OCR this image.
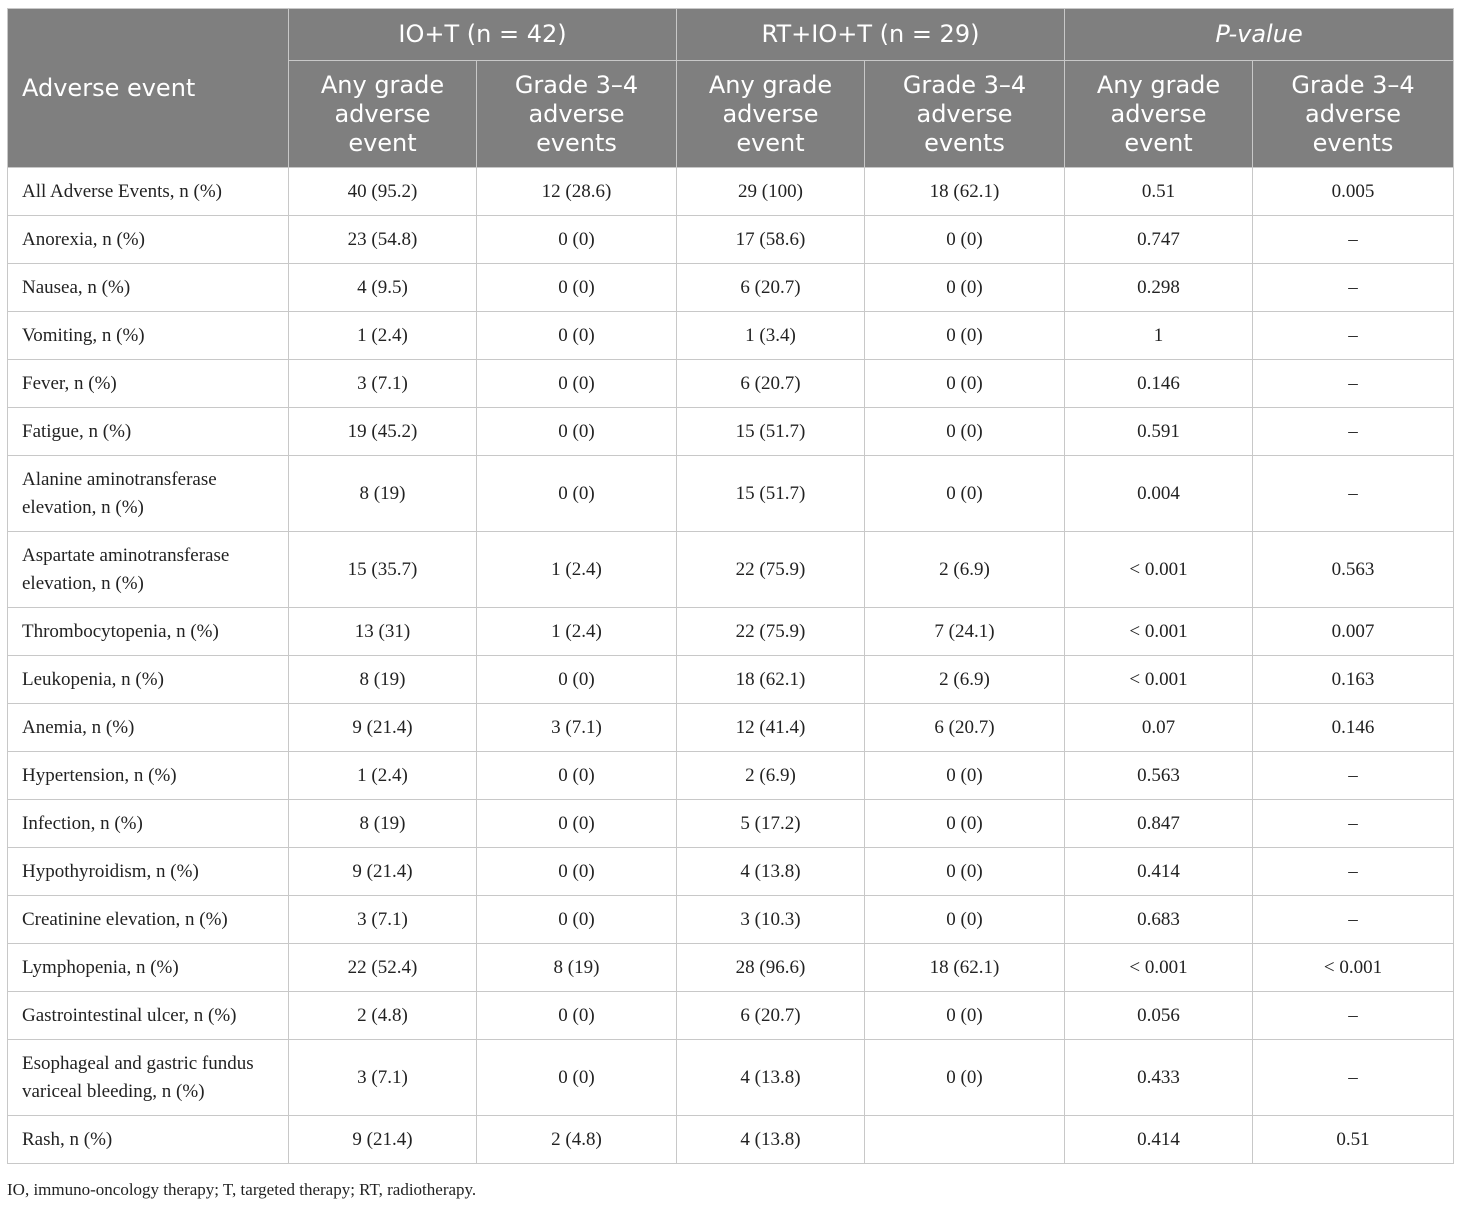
Adverse event	IO+T (n = 42)		RT+IO+T (n = 29)		P-value	
	Any grade adverse event	Grade 3–4 adverse events	Any grade adverse event	Grade 3–4 adverse events	Any grade adverse event	Grade 3–4 adverse events
All Adverse Events, n (%)	40 (95.2)	12 (28.6)	29 (100)	18 (62.1)	0.51	0.005
Anorexia, n (%)	23 (54.8)	0 (0)	17 (58.6)	0 (0)	0.747	–
Nausea, n (%)	4 (9.5)	0 (0)	6 (20.7)	0 (0)	0.298	–
Vomiting, n (%)	1 (2.4)	0 (0)	1 (3.4)	0 (0)	1	–
Fever, n (%)	3 (7.1)	0 (0)	6 (20.7)	0 (0)	0.146	–
Fatigue, n (%)	19 (45.2)	0 (0)	15 (51.7)	0 (0)	0.591	–
Alanine aminotransferase elevation, n (%)	8 (19)	0 (0)	15 (51.7)	0 (0)	0.004	–
Aspartate aminotransferase elevation, n (%)	15 (35.7)	1 (2.4)	22 (75.9)	2 (6.9)	< 0.001	0.563
Thrombocytopenia, n (%)	13 (31)	1 (2.4)	22 (75.9)	7 (24.1)	< 0.001	0.007
Leukopenia, n (%)	8 (19)	0 (0)	18 (62.1)	2 (6.9)	< 0.001	0.163
Anemia, n (%)	9 (21.4)	3 (7.1)	12 (41.4)	6 (20.7)	0.07	0.146
Hypertension, n (%)	1 (2.4)	0 (0)	2 (6.9)	0 (0)	0.563	–
Infection, n (%)	8 (19)	0 (0)	5 (17.2)	0 (0)	0.847	–
Hypothyroidism, n (%)	9 (21.4)	0 (0)	4 (13.8)	0 (0)	0.414	–
Creatinine elevation, n (%)	3 (7.1)	0 (0)	3 (10.3)	0 (0)	0.683	–
Lymphopenia, n (%)	22 (52.4)	8 (19)	28 (96.6)	18 (62.1)	< 0.001	< 0.001
Gastrointestinal ulcer, n (%)	2 (4.8)	0 (0)	6 (20.7)	0 (0)	0.056	–
Esophageal and gastric fundus variceal bleeding, n (%)	3 (7.1)	0 (0)	4 (13.8)	0 (0)	0.433	–
Rash, n (%)	9 (21.4)	2 (4.8)	4 (13.8)		0.414	0.51
IO, immuno-oncology therapy; T, targeted therapy; RT, radiotherapy.
